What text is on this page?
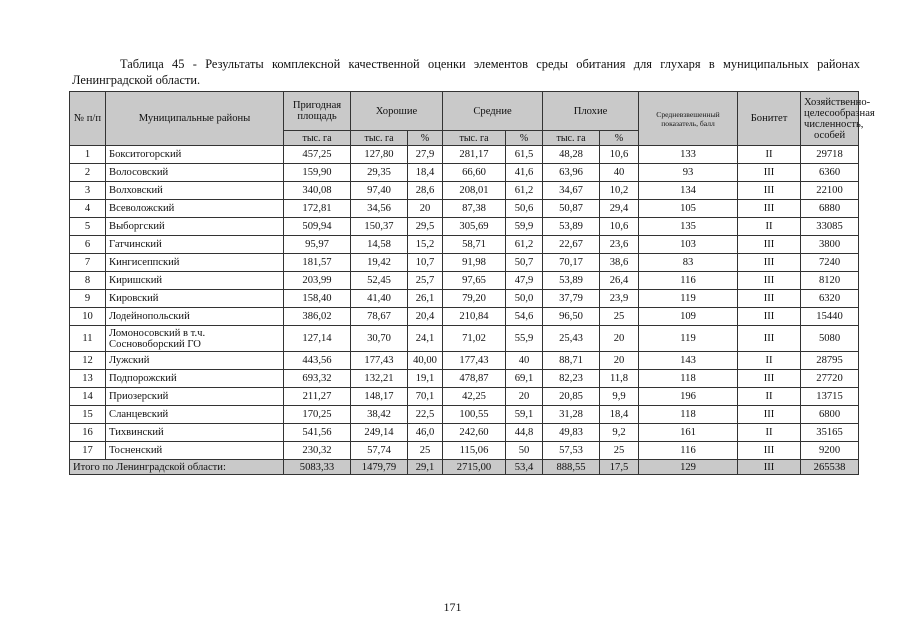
Таблица 45 - Результаты комплексной качественной оценки элементов среды обитания для глухаря в муниципальных районах Ленинградской области.
№ п/п	Муниципальные районы	Пригодная площадь	Хорошие		Средние		Плохие		Средневзвешенный показатель, балл	Бонитет	Хозяйственно-целесообразная численность, особей
		тыс. га	тыс. га	%	тыс. га	%	тыс. га	%			
1	Бокситогорский	457,25	127,80	27,9	281,17	61,5	48,28	10,6	133	II	29718
2	Волосовский	159,90	29,35	18,4	66,60	41,6	63,96	40	93	III	6360
3	Волховский	340,08	97,40	28,6	208,01	61,2	34,67	10,2	134	III	22100
4	Всеволожский	172,81	34,56	20	87,38	50,6	50,87	29,4	105	III	6880
5	Выборгский	509,94	150,37	29,5	305,69	59,9	53,89	10,6	135	II	33085
6	Гатчинский	95,97	14,58	15,2	58,71	61,2	22,67	23,6	103	III	3800
7	Кингисеппский	181,57	19,42	10,7	91,98	50,7	70,17	38,6	83	III	7240
8	Киришский	203,99	52,45	25,7	97,65	47,9	53,89	26,4	116	III	8120
9	Кировский	158,40	41,40	26,1	79,20	50,0	37,79	23,9	119	III	6320
10	Лодейнопольский	386,02	78,67	20,4	210,84	54,6	96,50	25	109	III	15440
11	Ломоносовский в т.ч. Сосновоборский ГО	127,14	30,70	24,1	71,02	55,9	25,43	20	119	III	5080
12	Лужский	443,56	177,43	40,00	177,43	40	88,71	20	143	II	28795
13	Подпорожский	693,32	132,21	19,1	478,87	69,1	82,23	11,8	118	III	27720
14	Приозерский	211,27	148,17	70,1	42,25	20	20,85	9,9	196	II	13715
15	Сланцевский	170,25	38,42	22,5	100,55	59,1	31,28	18,4	118	III	6800
16	Тихвинский	541,56	249,14	46,0	242,60	44,8	49,83	9,2	161	II	35165
17	Тосненский	230,32	57,74	25	115,06	50	57,53	25	116	III	9200
Итого по Ленинградской области:		5083,33	1479,79	29,1	2715,00	53,4	888,55	17,5	129	III	265538
171
